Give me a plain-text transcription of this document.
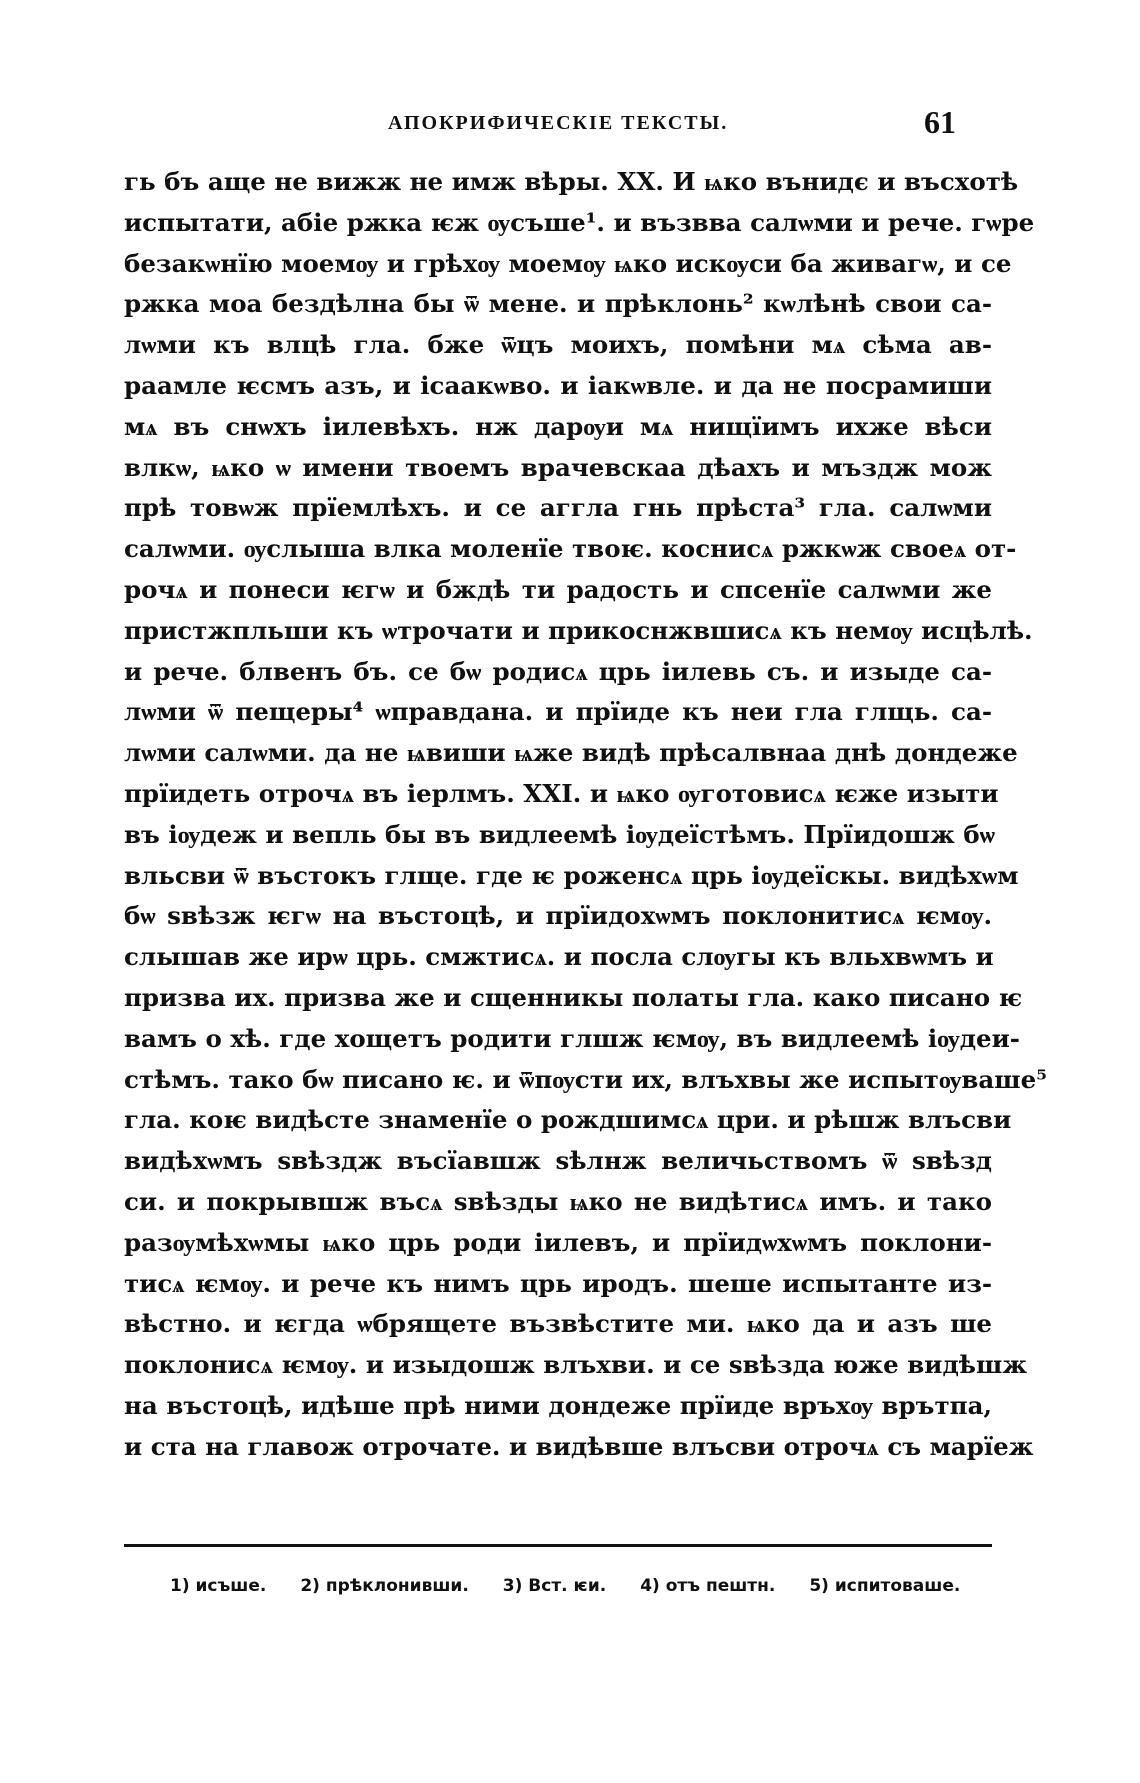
АПОКРИФИЧЕСКІЕ ТЕКСТЫ.	61
гь бъ аще не вижж не имж вѣры. XX. И ѩко вънидє и въсхотѣ
испытати, абіе ржка ѥж ѹсъше¹. и възвва салѡми и рече. гѡре
безакѡнїю моемѹ и грѣхѹ моемѹ ѩко искѹси ба живагѡ, и се
ржка моа бездѣлна бы ѿ мене. и прѣклонь² кѡлѣнѣ свои са-
лѡми къ влцѣ гла. бже ѿцъ моихъ, помѣни мѧ сѣма ав-
раамле ѥсмъ азъ, и ісаакѡво. и іакѡвле. и да не посрамиши
мѧ въ снѡхъ іилевѣхъ. нж дарѹи мѧ нищїимъ ихже вѣси
влкѡ, ѩко ѡ имени твоемъ врачевскаа дѣахъ и мъздж мож
прѣ товѡж прїемлѣхъ. и се аггла гнь прѣста³ гла. салѡми
салѡми. ѹслыша влка моленїе твоѥ. коснисѧ ржкѡж своеѧ от-
рочѧ и понеси ѥгѡ и бждѣ ти радость и спсенїе салѡми же
пристжпльши къ ѡтрочати и прикоснжвшисѧ къ немѹ исцѣлѣ.
и рече. блвенъ бъ. се бѡ родисѧ црь іилевь съ. и изыде са-
лѡми ѿ пещеры⁴ ѡправдана. и прїиде къ неи гла глщь. са-
лѡми салѡми. да не ѩвиши ѩже видѣ прѣсалвнаа днѣ дондеже
прїидеть отрочѧ въ іерлмъ. XXI. и ѩко ѹготовисѧ ѥже изыти
въ іѹдеж и вепль бы въ видлеемѣ іѹдеїстѣмъ. Прїидошж бѡ
вльсви ѿ въстокъ глще. где ѥ роженсѧ црь іѹдеїскы. видѣхѡм
бѡ ѕвѣзж ѥгѡ на въстоцѣ, и прїидохѡмъ поклонитисѧ ѥмѹ.
слышав же ирѡ црь. смжтисѧ. и посла слѹгы къ вльхвѡмъ и
призва их. призва же и сщенникы полаты гла. како писано ѥ
вамъ о хѣ. где хощетъ родити глшж ѥмѹ, въ видлеемѣ іѹдеи-
стѣмъ. тако бѡ писано ѥ. и ѿпѹсти их, влъхвы же испытѹваше⁵
гла. коѥ видѣсте знаменїе о рождшимсѧ цри. и рѣшж влъсви
видѣхѡмъ ѕвѣздж въсїавшж ѕѣлнж величьствомъ ѿ ѕвѣзд
си. и покрывшж въсѧ ѕвѣзды ѩко не видѣтисѧ имъ. и тако
разѹмѣхѡмы ѩко црь роди іилевъ, и прїидѡхѡмъ поклони-
тисѧ ѥмѹ. и рече къ нимъ црь иродъ. шеше испытанте из-
вѣстно. и ѥгда ѡбрящете възвѣстите ми. ѩко да и азъ ше
поклонисѧ ѥмѹ. и изыдошж влъхви. и се ѕвѣзда юже видѣшж
на въстоцѣ, идѣше прѣ ними дондеже прїиде връхѹ врътпа,
и ста на главож отрочате. и видѣвше влъсви отрочѧ съ марїеж
1) исъше. 2) прѣклонивши. 3) Вст. ѥи. 4) отъ пештн. 5) испитоваше.
